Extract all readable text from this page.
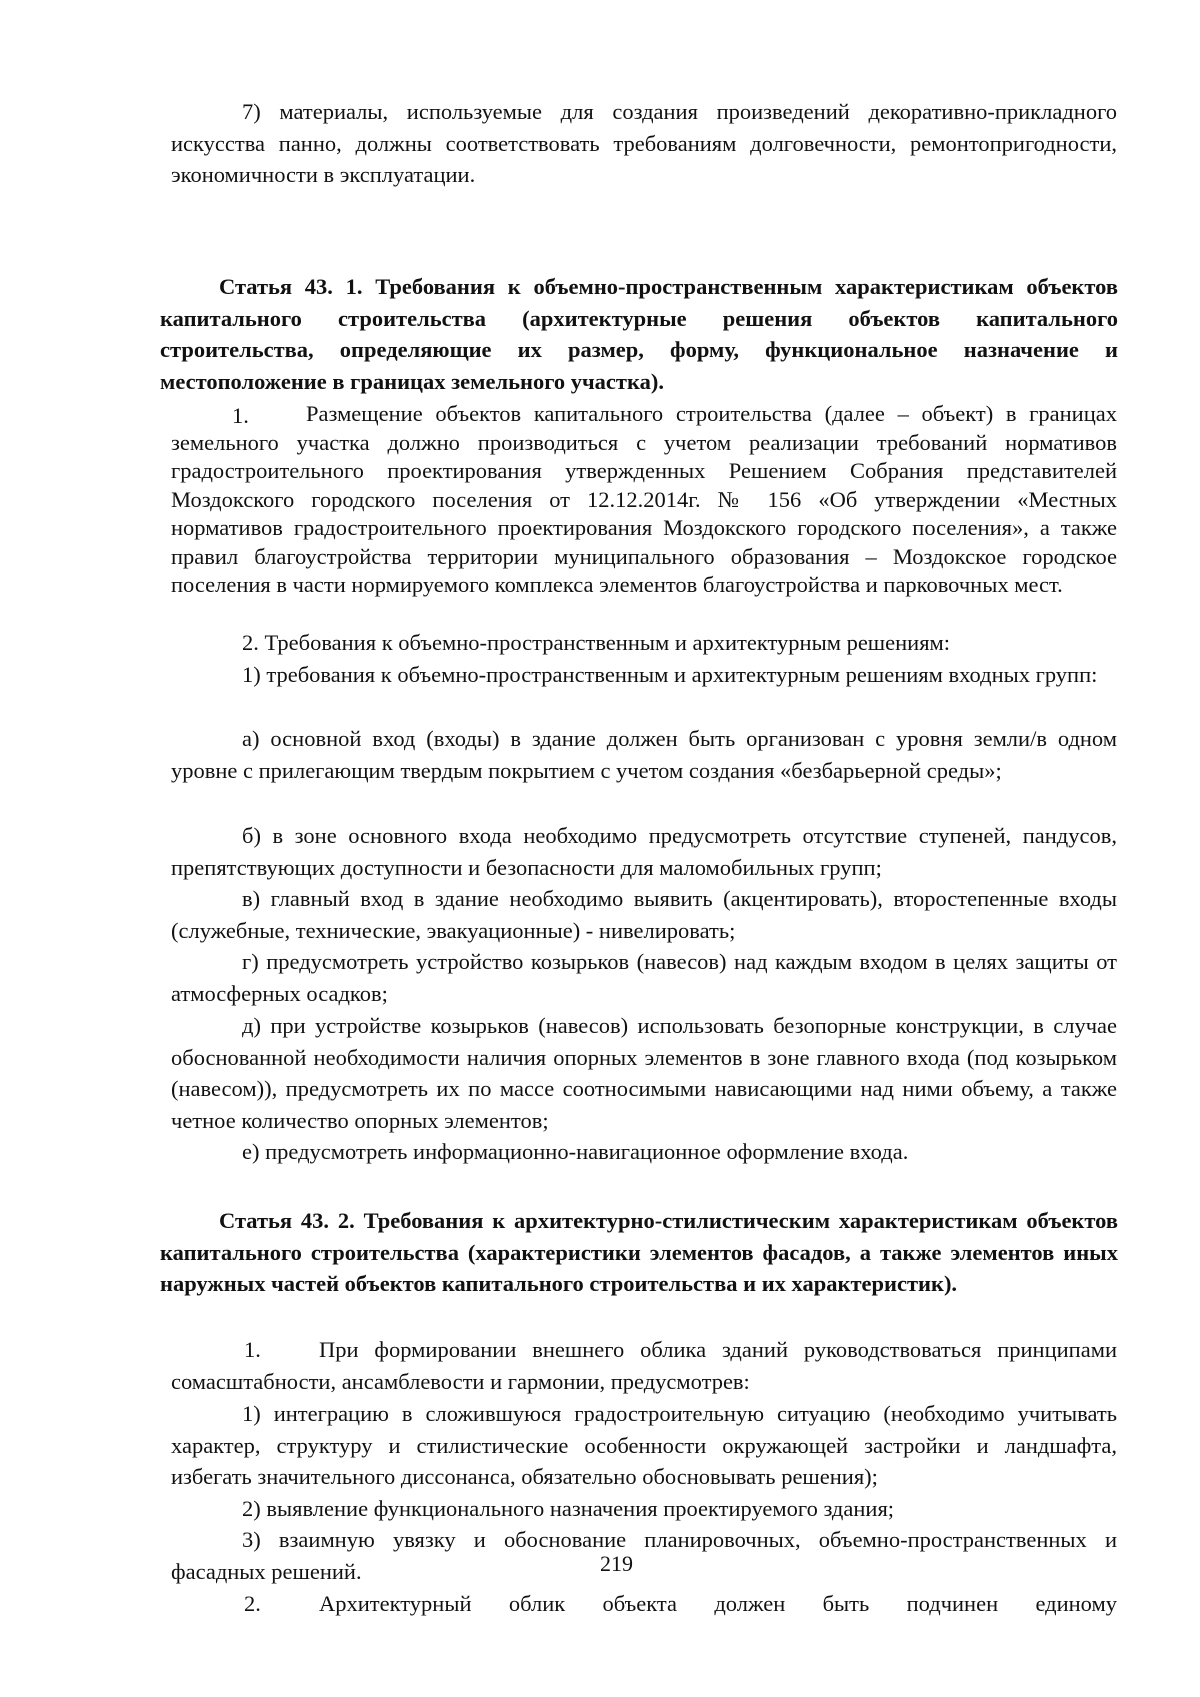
7) материалы, используемые для создания произведений декоративно-прикладного искусства панно, должны соответствовать требованиям долговечности, ремонтопригодности, экономичности в эксплуатации.

Статья 43. 1. Требования к объемно-пространственным характеристикам объектов капитального строительства (архитектурные решения объектов капитального строительства, определяющие их размер, форму, функциональное назначение и местоположение в границах земельного участка).

1.	Размещение объектов капитального строительства (далее – объект) в границах земельного участка должно производиться с учетом реализации требований нормативов градостроительного проектирования утвержденных Решением Собрания представителей Моздокского городского поселения от 12.12.2014г. № 156 «Об утверждении «Местных нормативов градостроительного проектирования Моздокского городского поселения», а также правил благоустройства территории муниципального образования – Моздокское городское поселения в части нормируемого комплекса элементов благоустройства и парковочных мест.

2. Требования к объемно-пространственным и архитектурным решениям:

1) требования к объемно-пространственным и архитектурным решениям входных групп:

а) основной вход (входы) в здание должен быть организован с уровня земли/в одном уровне с прилегающим твердым покрытием с учетом создания «безбарьерной среды»;

б) в зоне основного входа необходимо предусмотреть отсутствие ступеней, пандусов, препятствующих доступности и безопасности для маломобильных групп;

в) главный вход в здание необходимо выявить (акцентировать), второстепенные входы (служебные, технические, эвакуационные) - нивелировать;

г) предусмотреть устройство козырьков (навесов) над каждым входом в целях защиты от атмосферных осадков;

д) при устройстве козырьков (навесов) использовать безопорные конструкции, в случае обоснованной необходимости наличия опорных элементов в зоне главного входа (под козырьком (навесом)), предусмотреть их по массе соотносимыми нависающими над ними объему, а также четное количество опорных элементов;

е) предусмотреть информационно-навигационное оформление входа.

Статья 43. 2. Требования к архитектурно-стилистическим характеристикам объектов капитального строительства (характеристики элементов фасадов, а также элементов иных наружных частей объектов капитального строительства и их характеристик).

1.	При формировании внешнего облика зданий руководствоваться принципами сомасштабности, ансамблевости и гармонии, предусмотрев:

1) интеграцию в сложившуюся градостроительную ситуацию (необходимо учитывать характер, структуру и стилистические особенности окружающей застройки и ландшафта, избегать значительного диссонанса, обязательно обосновывать решения);

2) выявление функционального назначения проектируемого здания;

3) взаимную увязку и обоснование планировочных, объемно-пространственных и фасадных решений.

2.	Архитектурный облик объекта должен быть подчинен единому

219
